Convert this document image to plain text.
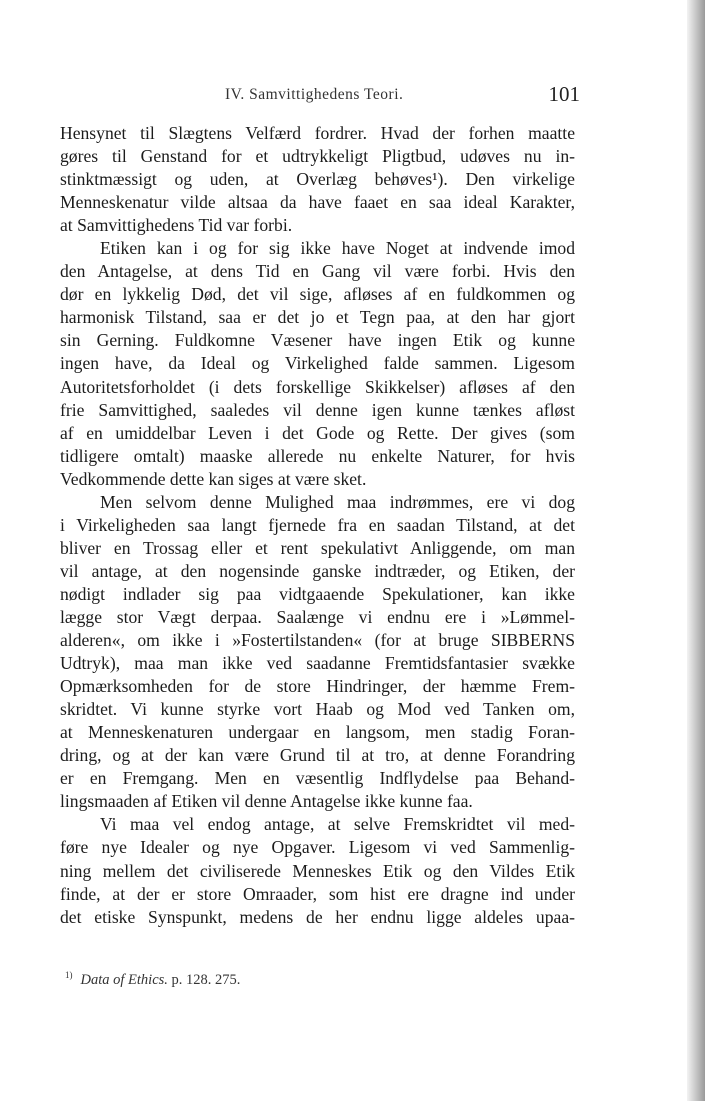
IV. Samvittighedens Teori.	101
Hensynet til Slægtens Velfærd fordrer. Hvad der forhen maatte
gøres til Genstand for et udtrykkeligt Pligtbud, udøves nu in-
stinktmæssigt og uden, at Overlæg behøves¹). Den virkelige
Menneskenatur vilde altsaa da have faaet en saa ideal Karakter,
at Samvittighedens Tid var forbi.
Etiken kan i og for sig ikke have Noget at indvende imod
den Antagelse, at dens Tid en Gang vil være forbi. Hvis den
dør en lykkelig Død, det vil sige, afløses af en fuldkommen og
harmonisk Tilstand, saa er det jo et Tegn paa, at den har gjort
sin Gerning. Fuldkomne Væsener have ingen Etik og kunne
ingen have, da Ideal og Virkelighed falde sammen. Ligesom
Autoritetsforholdet (i dets forskellige Skikkelser) afløses af den
frie Samvittighed, saaledes vil denne igen kunne tænkes afløst
af en umiddelbar Leven i det Gode og Rette. Der gives (som
tidligere omtalt) maaske allerede nu enkelte Naturer, for hvis
Vedkommende dette kan siges at være sket.
Men selvom denne Mulighed maa indrømmes, ere vi dog
i Virkeligheden saa langt fjernede fra en saadan Tilstand, at det
bliver en Trossag eller et rent spekulativt Anliggende, om man
vil antage, at den nogensinde ganske indtræder, og Etiken, der
nødigt indlader sig paa vidtgaaende Spekulationer, kan ikke
lægge stor Vægt derpaa. Saalænge vi endnu ere i »Lømmel-
alderen«, om ikke i »Fostertilstanden« (for at bruge SIBBERNS
Udtryk), maa man ikke ved saadanne Fremtidsfantasier svække
Opmærksomheden for de store Hindringer, der hæmme Frem-
skridtet. Vi kunne styrke vort Haab og Mod ved Tanken om,
at Menneskenaturen undergaar en langsom, men stadig Foran-
dring, og at der kan være Grund til at tro, at denne Forandring
er en Fremgang. Men en væsentlig Indflydelse paa Behand-
lingsmaaden af Etiken vil denne Antagelse ikke kunne faa.
Vi maa vel endog antage, at selve Fremskridtet vil med-
føre nye Idealer og nye Opgaver. Ligesom vi ved Sammenlig-
ning mellem det civiliserede Menneskes Etik og den Vildes Etik
finde, at der er store Omraader, som hist ere dragne ind under
det etiske Synspunkt, medens de her endnu ligge aldeles upaa-
$^{1)}$ Data of Ethics. p. 128. 275.
